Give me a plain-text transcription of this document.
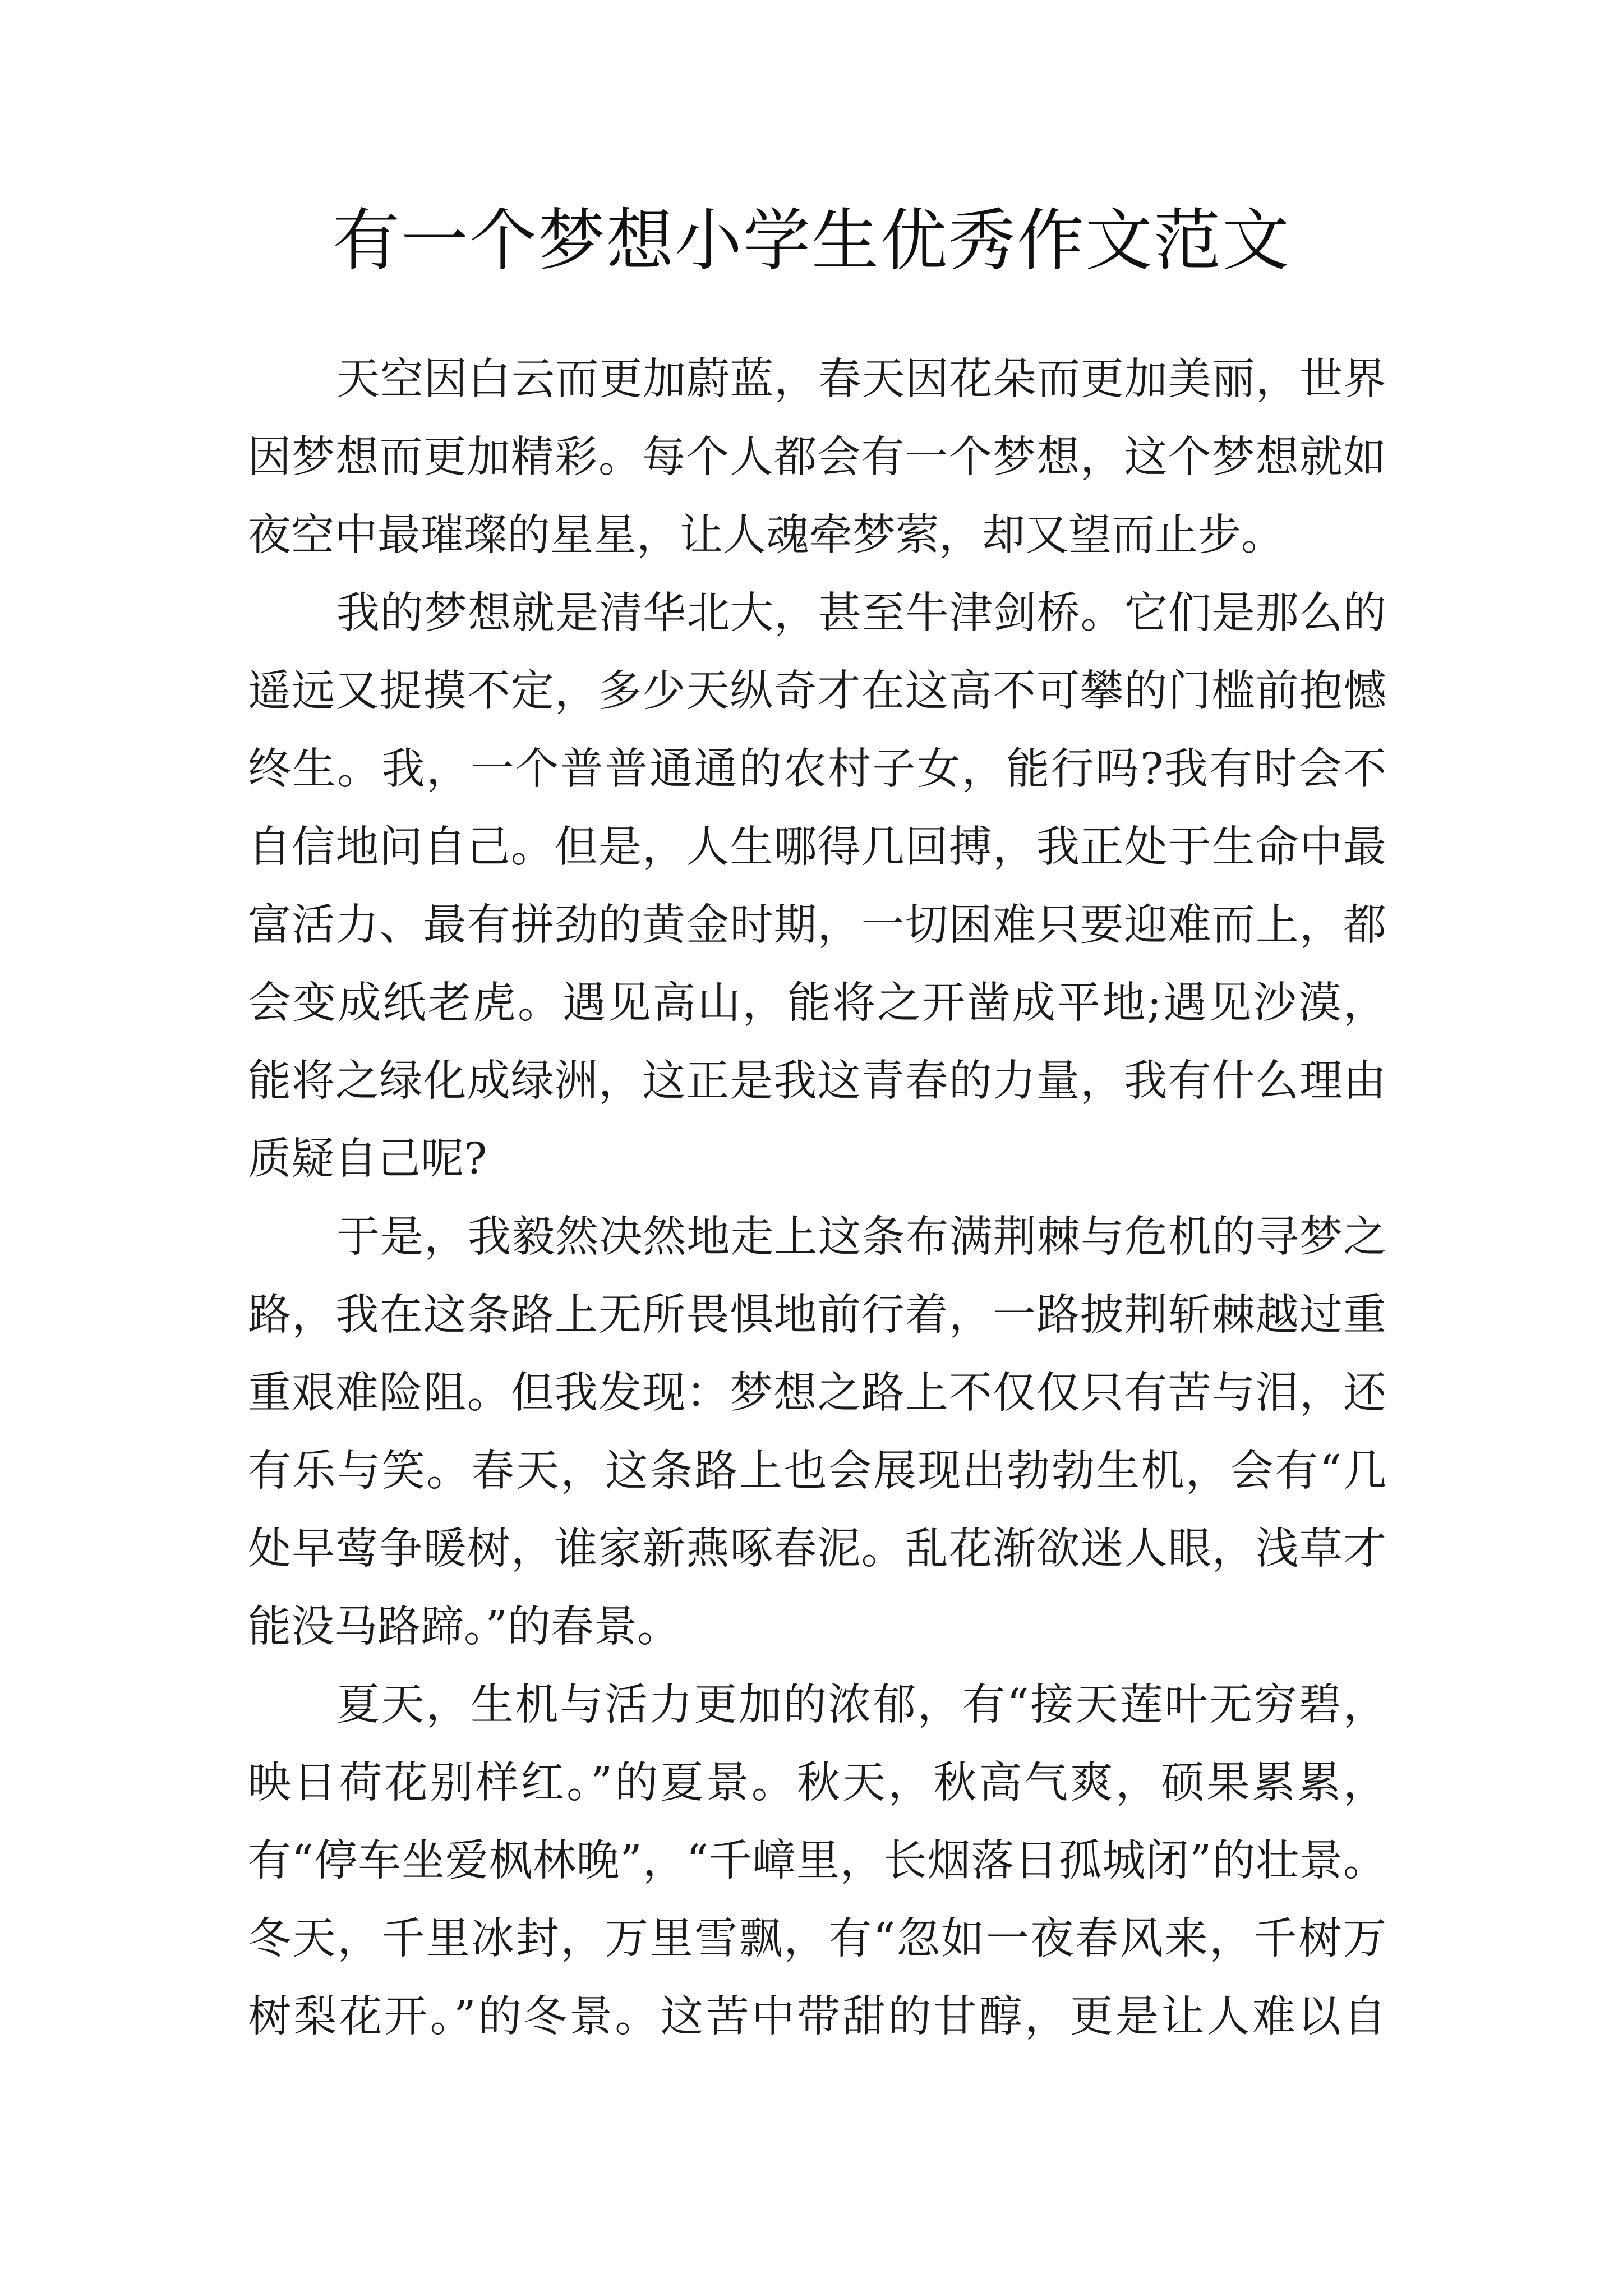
有一个梦想小学生优秀作文范文
天空因白云而更加蔚蓝，春天因花朵而更加美丽，世界
因梦想而更加精彩。每个人都会有一个梦想，这个梦想就如
夜空中最璀璨的星星，让人魂牵梦萦，却又望而止步。
我的梦想就是清华北大，甚至牛津剑桥。它们是那么的
遥远又捉摸不定，多少天纵奇才在这高不可攀的门槛前抱憾
终生。我，一个普普通通的农村子女，能行吗?我有时会不
自信地问自己。但是，人生哪得几回搏，我正处于生命中最
富活力、最有拼劲的黄金时期，一切困难只要迎难而上，都
会变成纸老虎。遇见高山，能将之开凿成平地;遇见沙漠，
能将之绿化成绿洲，这正是我这青春的力量，我有什么理由
质疑自己呢?
于是，我毅然决然地走上这条布满荆棘与危机的寻梦之
路，我在这条路上无所畏惧地前行着，一路披荆斩棘越过重
重艰难险阻。但我发现：梦想之路上不仅仅只有苦与泪，还
有乐与笑。春天，这条路上也会展现出勃勃生机，会有“几
处早莺争暖树，谁家新燕啄春泥。乱花渐欲迷人眼，浅草才
能没马路蹄。”的春景。
夏天，生机与活力更加的浓郁，有“接天莲叶无穷碧，
映日荷花别样红。”的夏景。秋天，秋高气爽，硕果累累，
有“停车坐爱枫林晚”，“千嶂里，长烟落日孤城闭”的壮景。
冬天，千里冰封，万里雪飘，有“忽如一夜春风来，千树万
树梨花开。”的冬景。这苦中带甜的甘醇，更是让人难以自
